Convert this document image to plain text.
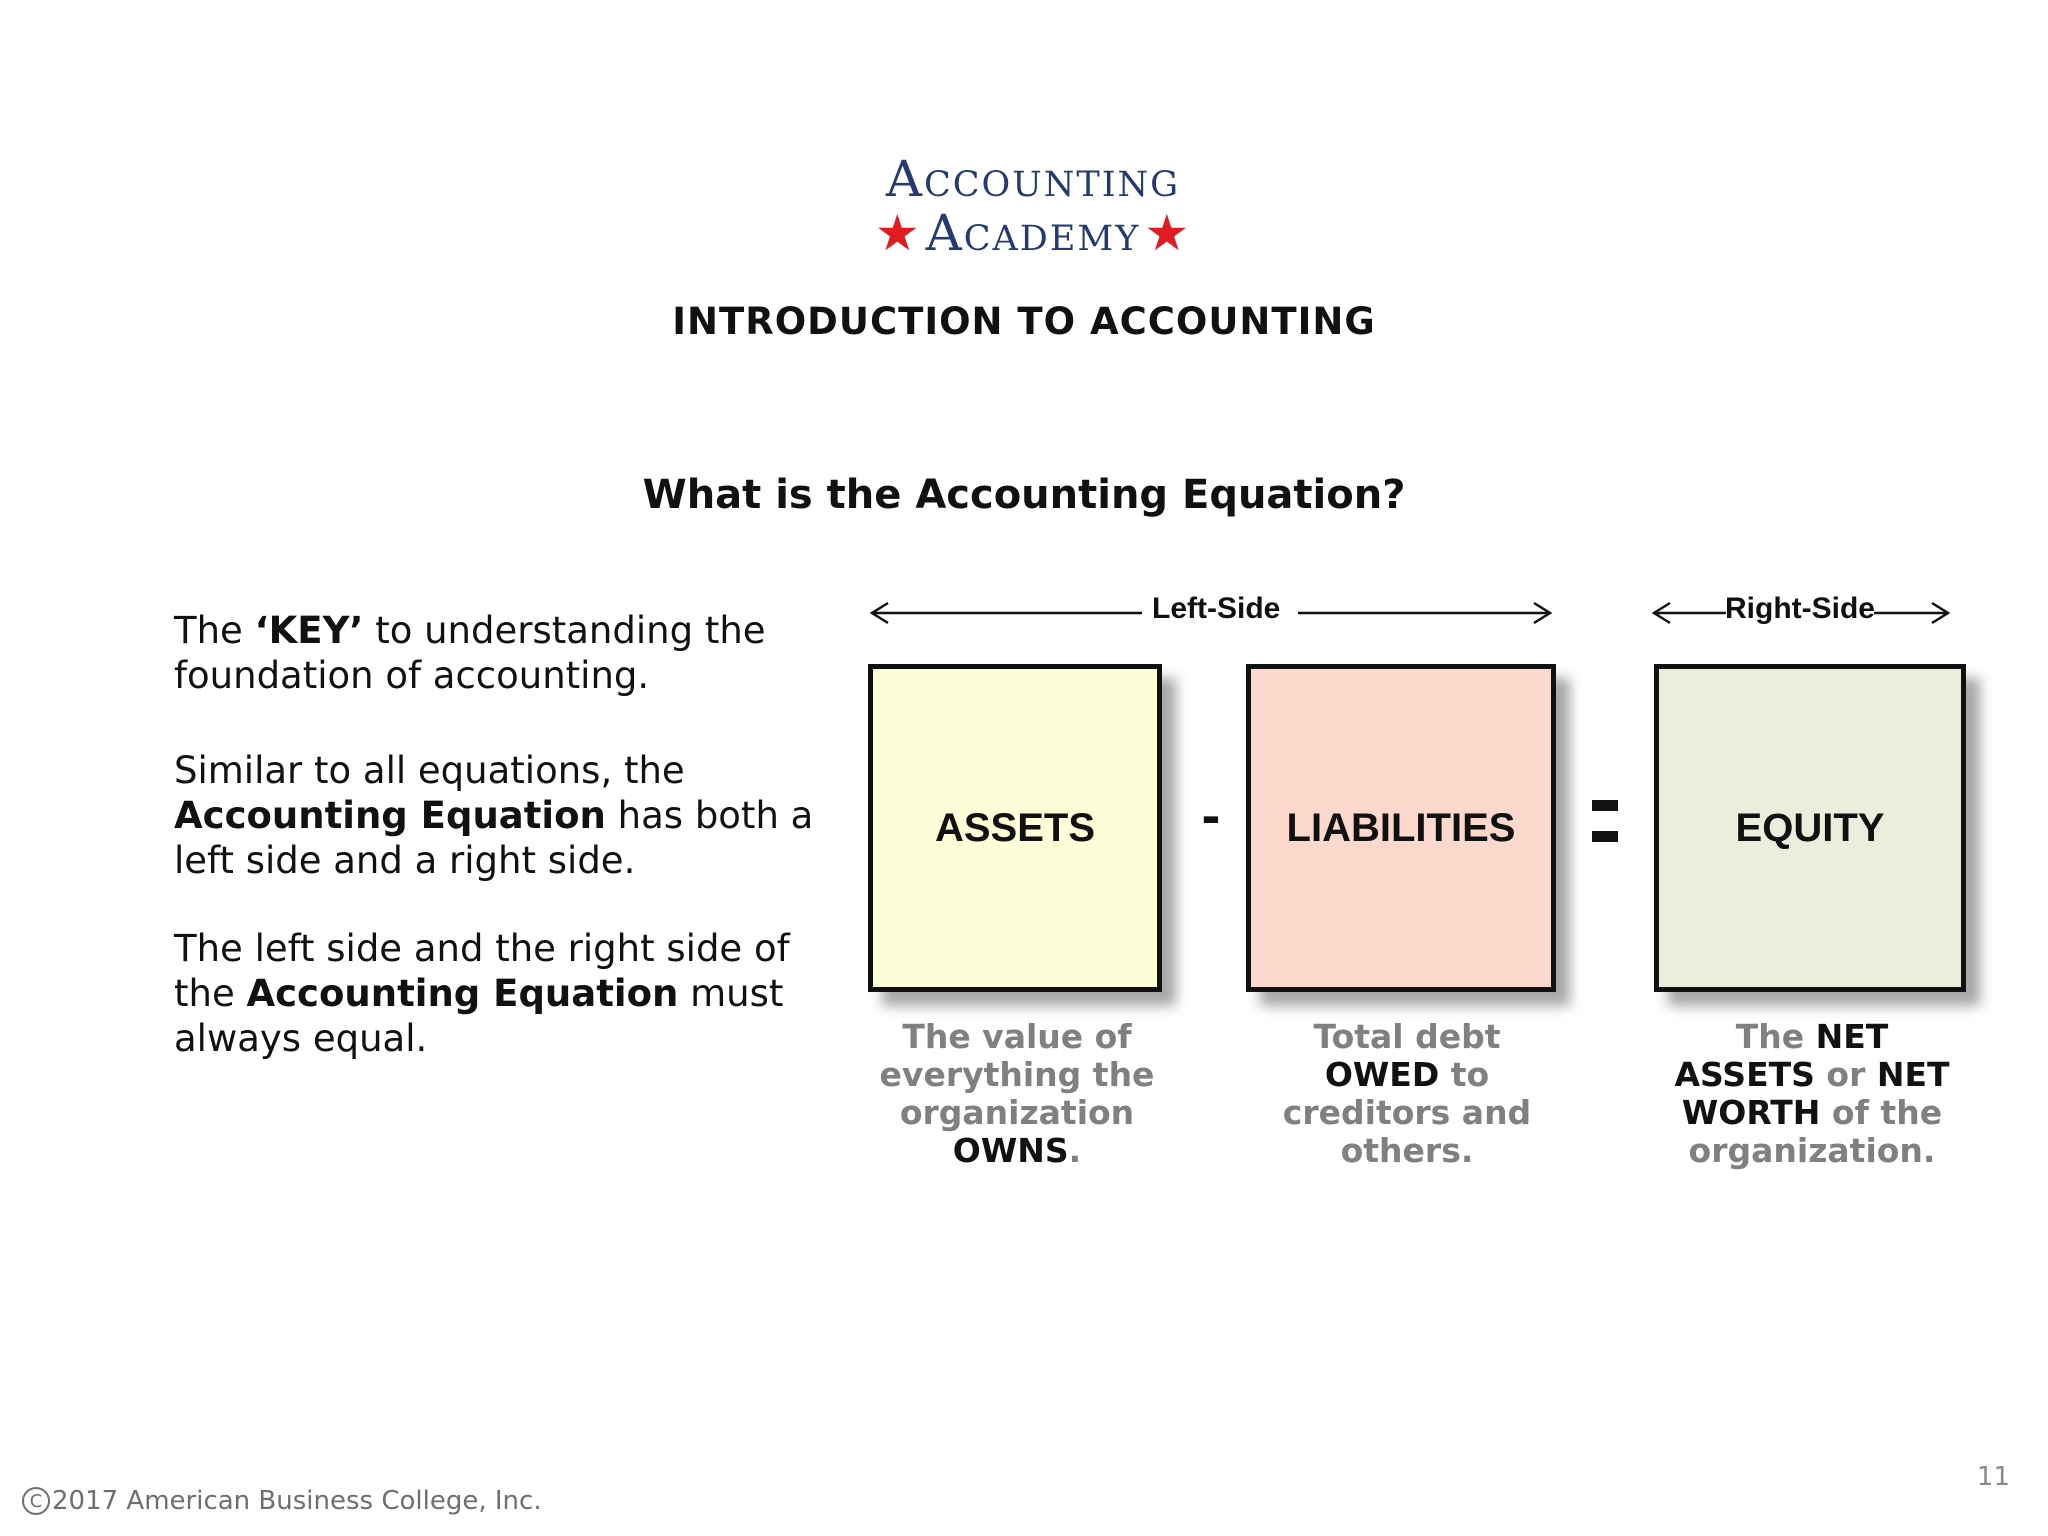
Accounting
★ Academy ★
INTRODUCTION TO ACCOUNTING
What is the Accounting Equation?
The ‘KEY’ to understanding the foundation of accounting.
Similar to all equations, the Accounting Equation has both a left side and a right side.
The left side and the right side of the Accounting Equation must always equal.
Left-Side	Right-Side
ASSETS	-	LIABILITIES	EQUITY
The value of everything the organization OWNS.
Total debt OWED to creditors and others.
The NET ASSETS or NET WORTH of the organization.
11
C 2017 American Business College, Inc.
